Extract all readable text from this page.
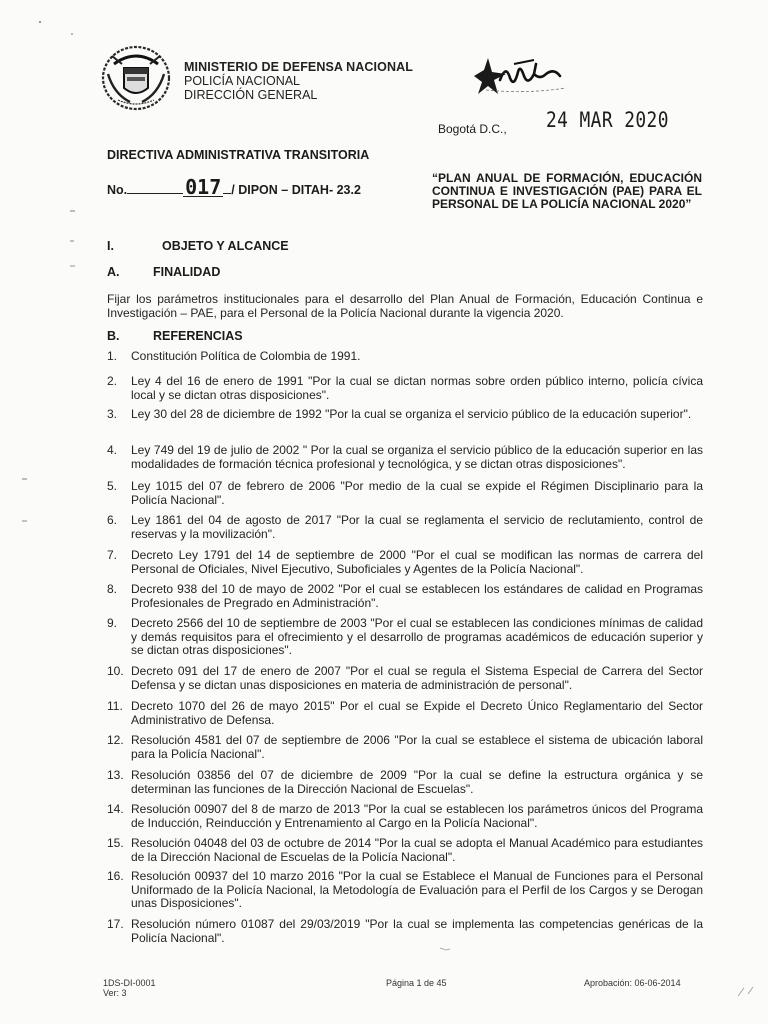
MINISTERIO DE DEFENSA NACIONAL
POLICÍA NACIONAL
DIRECCIÓN GENERAL
Bogotá D.C., 24 MAR 2020
DIRECTIVA ADMINISTRATIVA TRANSITORIA
No.	017 / DIPON – DITAH- 23.2
“PLAN ANUAL DE FORMACIÓN, EDUCACIÓN CONTINUA E INVESTIGACIÓN (PAE) PARA EL PERSONAL DE LA POLICÍA NACIONAL 2020”
I.	OBJETO Y ALCANCE
A.	FINALIDAD
Fijar los parámetros institucionales para el desarrollo del Plan Anual de Formación, Educación Continua e Investigación – PAE, para el Personal de la Policía Nacional durante la vigencia 2020.
B.	REFERENCIAS
1.	Constitución Política de Colombia de 1991.
2.	Ley 4 del 16 de enero de 1991 "Por la cual se dictan normas sobre orden público interno, policía cívica local y se dictan otras disposiciones".
3.	Ley 30 del 28 de diciembre de 1992 "Por la cual se organiza el servicio público de la educación superior".
4.	Ley 749 del 19 de julio de 2002 " Por la cual se organiza el servicio público de la educación superior en las modalidades de formación técnica profesional y tecnológica, y se dictan otras disposiciones".
5.	Ley 1015 del 07 de febrero de 2006 "Por medio de la cual se expide el Régimen Disciplinario para la Policía Nacional".
6.	Ley 1861 del 04 de agosto de 2017 "Por la cual se reglamenta el servicio de reclutamiento, control de reservas y la movilización".
7.	Decreto Ley 1791 del 14 de septiembre de 2000 "Por el cual se modifican las normas de carrera del Personal de Oficiales, Nivel Ejecutivo, Suboficiales y Agentes de la Policía Nacional".
8.	Decreto 938 del 10 de mayo de 2002 "Por el cual se establecen los estándares de calidad en Programas Profesionales de Pregrado en Administración".
9.	Decreto 2566 del 10 de septiembre de 2003 "Por el cual se establecen las condiciones mínimas de calidad y demás requisitos para el ofrecimiento y el desarrollo de programas académicos de educación superior y se dictan otras disposiciones".
10. Decreto 091 del 17 de enero de 2007 "Por el cual se regula el Sistema Especial de Carrera del Sector Defensa y se dictan unas disposiciones en materia de administración de personal".
11. Decreto 1070 del 26 de mayo 2015" Por el cual se Expide el Decreto Único Reglamentario del Sector Administrativo de Defensa.
12. Resolución 4581 del 07 de septiembre de 2006 "Por la cual se establece el sistema de ubicación laboral para la Policía Nacional".
13. Resolución 03856 del 07 de diciembre de 2009 "Por la cual se define la estructura orgánica y se determinan las funciones de la Dirección Nacional de Escuelas".
14. Resolución 00907 del 8 de marzo de 2013 "Por la cual se establecen los parámetros únicos del Programa de Inducción, Reinducción y Entrenamiento al Cargo en la Policía Nacional".
15. Resolución 04048 del 03 de octubre de 2014 "Por la cual se adopta el Manual Académico para estudiantes de la Dirección Nacional de Escuelas de la Policía Nacional".
16. Resolución 00937 del 10 marzo 2016 "Por la cual se Establece el Manual de Funciones para el Personal Uniformado de la Policía Nacional, la Metodología de Evaluación para el Perfil de los Cargos y se Derogan unas Disposiciones".
17. Resolución número 01087 del 29/03/2019 "Por la cual se implementa las competencias genéricas de la Policía Nacional".
1DS-DI-0001
Ver: 3
Página 1 de 45	Aprobación: 06-06-2014
